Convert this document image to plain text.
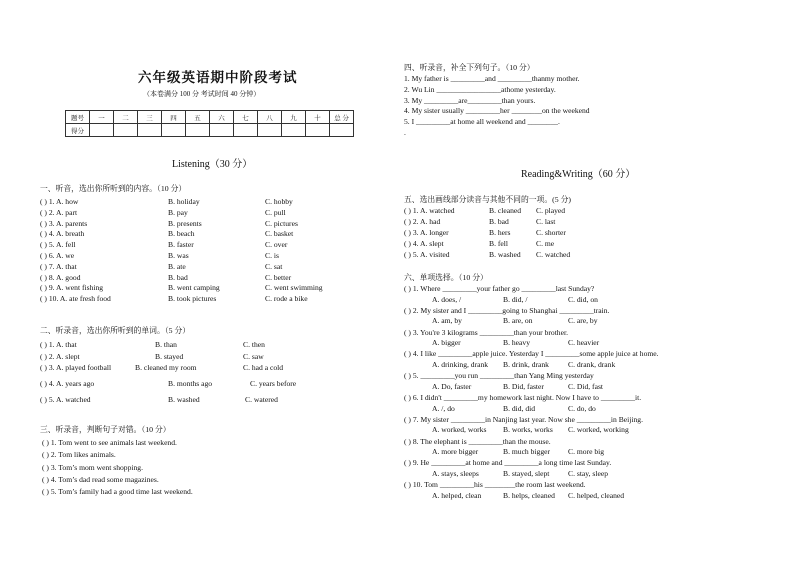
六年级英语期中阶段考试
（本卷满分 100 分 考试时间 40 分钟）
题号	一	二	三	四	五	六	七	八	九	十	总 分
得分											
Listening（30 分）
一、听音，选出你所听到的内容。（10 分）
( ) 1. A. how	B. holiday	C. hobby
( ) 2. A. part	B. pay	C. pull
( ) 3. A. parents	B. presents	C. pictures
( ) 4. A. breath	B. beach	C. basket
( ) 5. A. fell	B. faster	C. over
( ) 6. A. we	B. was	C. is
( ) 7. A. that	B. ate	C. sat
( ) 8. A. good	B. bad	C. better
( ) 9. A. went fishing	B. went camping	C. went swimming
( ) 10. A. ate fresh food	B. took pictures	C. rode a bike
二、听录音，选出你所听到的单词。（5 分）
( ) 1. A. that	B. than	C. then
( ) 2. A. slept	B. stayed	C. saw
( ) 3. A. played football	B. cleaned my room	C. had a cold
( ) 4. A. years ago	B. months ago	C. years before
( ) 5. A. watched	B. washed	C. watered
三、听录音，判断句子对错。（10 分）
( ) 1. Tom went to see animals last weekend.
( ) 2. Tom likes animals.
( ) 3. Tom’s mom went shopping.
( ) 4. Tom’s dad read some magazines.
( ) 5. Tom’s family had a good time last weekend.
四、听录音，补全下列句子。（10 分）
1. My father is _________and _________thanmy mother.
2. Wu Lin _________________athome yesterday.
3. My _________are_________than yours.
4. My sister usually _________her ________on the weekend
5. I _________at home all weekend and ________.
.
Reading&Writing（60 分）
五、选出画线部分读音与其他不同的一项。(5 分)
( ) 1. A. watched	B. cleaned C. played
( ) 2. A. had	B. bad	C. last
( ) 3. A. longer	B. hers	C. shorter
( ) 4. A. slept	B. fell	C. me
( ) 5. A. visited	B. washed C. watched
六、单项选择。（10 分）
( ) 1. Where _________your father go _________last Sunday?
A. does, /	B. did, /	C. did, on
( ) 2. My sister and I _________going to Shanghai _________train.
A. am, by	B. are, on	C. are, by
( ) 3. You're 3 kilograms _________than your brother.
A. bigger	B. heavy	C. heavier
( ) 4. I like _________apple juice. Yesterday I _________some apple juice at home.
A. drinking, drank B. drink, drank	C. drank, drank
( ) 5. _________you run _________than Yang Ming yesterday
A. Do, faster	B. Did, faster	C. Did, fast
( ) 6. I didn't _________my homework last night. Now I have to _________it.
A. /, do	B. did, did	C. do, do
( ) 7. My sister _________in Nanjing last year. Now she _________in Beijing.
A. worked, works B. works, works C. worked, working
( ) 8. The elephant is _________than the mouse.
A. more bigger	B. much bigger C. more big
( ) 9. He _________at home and _________a long time last Sunday.
A. stays, sleeps	B. stayed, slept C. stay, sleep
( ) 10. Tom _________his ________the room last weekend.
A. helped, clean	B. helps, cleaned C. helped, cleaned
